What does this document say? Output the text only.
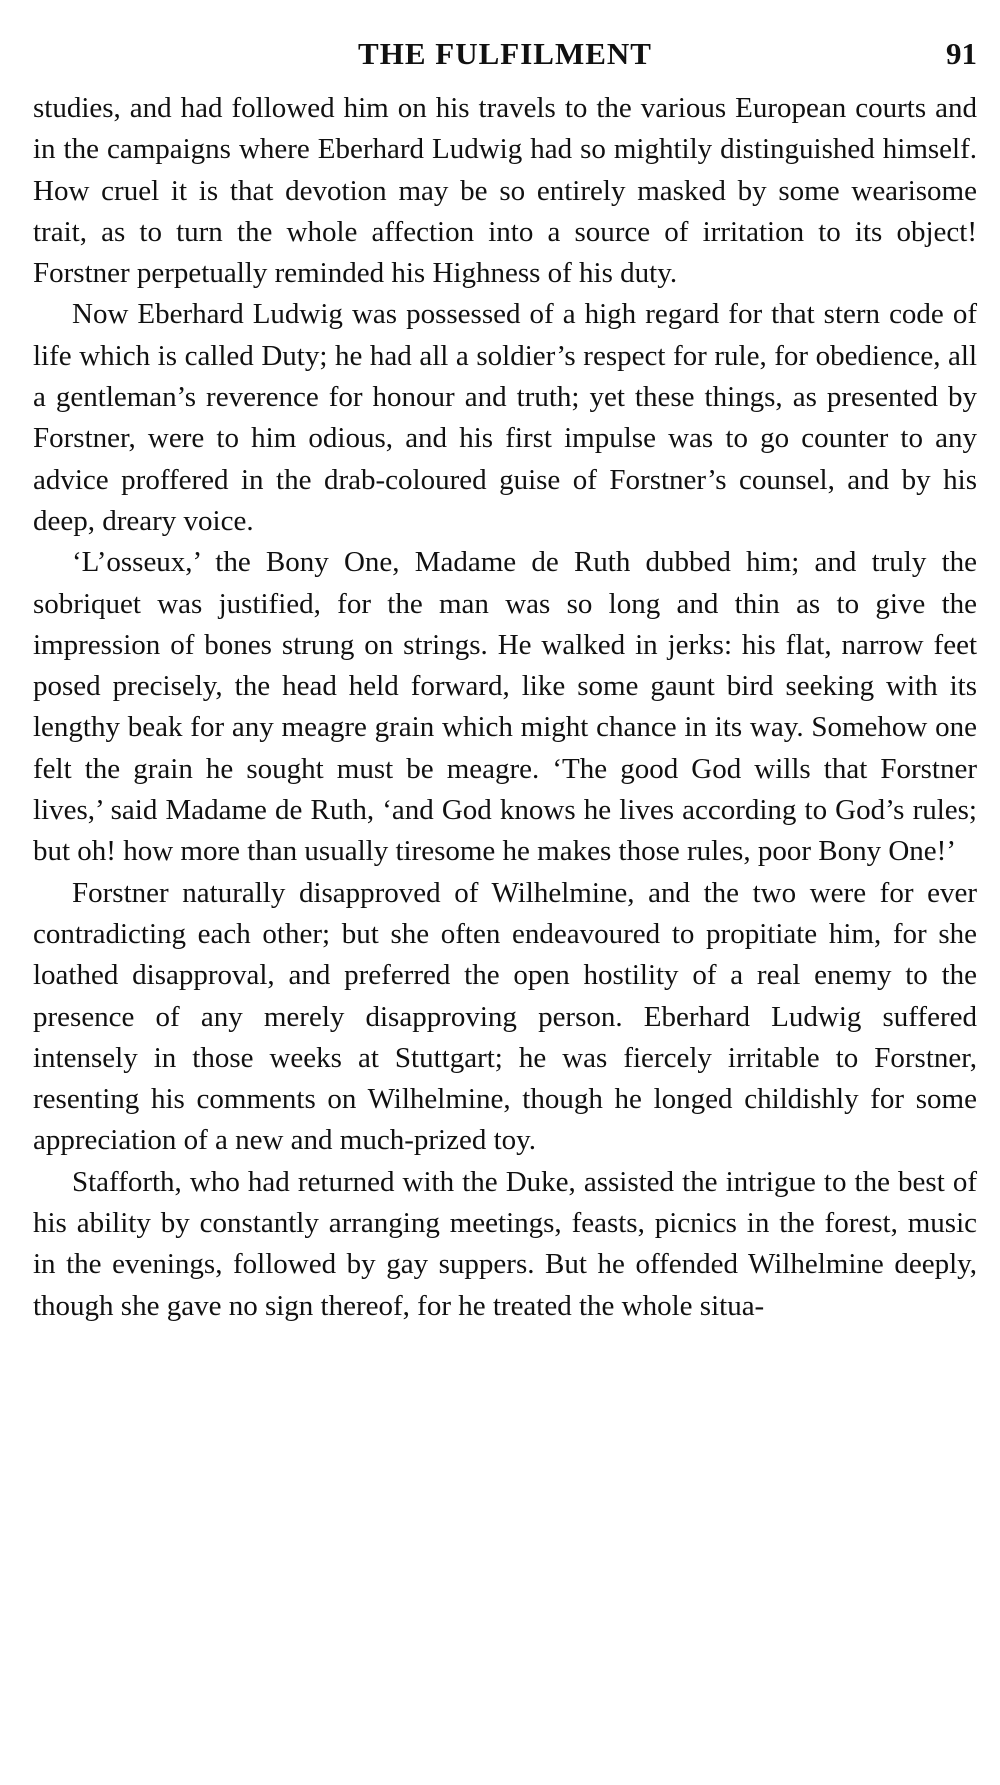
THE FULFILMENT	91

studies, and had followed him on his travels to the various European courts and in the campaigns where Eberhard Ludwig had so mightily distinguished himself. How cruel it is that devotion may be so entirely masked by some wearisome trait, as to turn the whole affection into a source of irritation to its object! Forstner perpetually reminded his Highness of his duty.

Now Eberhard Ludwig was possessed of a high regard for that stern code of life which is called Duty; he had all a soldier’s respect for rule, for obedience, all a gentleman’s reverence for honour and truth; yet these things, as presented by Forstner, were to him odious, and his first impulse was to go counter to any advice proffered in the drab-coloured guise of Forstner’s counsel, and by his deep, dreary voice.

‘L’osseux,’ the Bony One, Madame de Ruth dubbed him; and truly the sobriquet was justified, for the man was so long and thin as to give the impression of bones strung on strings. He walked in jerks: his flat, narrow feet posed precisely, the head held forward, like some gaunt bird seeking with its lengthy beak for any meagre grain which might chance in its way. Somehow one felt the grain he sought must be meagre. ‘The good God wills that Forstner lives,’ said Madame de Ruth, ‘and God knows he lives according to God’s rules; but oh! how more than usually tiresome he makes those rules, poor Bony One!’

Forstner naturally disapproved of Wilhelmine, and the two were for ever contradicting each other; but she often endeavoured to propitiate him, for she loathed disapproval, and preferred the open hostility of a real enemy to the presence of any merely disapproving person. Eberhard Ludwig suffered intensely in those weeks at Stuttgart; he was fiercely irritable to Forstner, resenting his comments on Wilhelmine, though he longed childishly for some appreciation of a new and much-prized toy.

Stafforth, who had returned with the Duke, assisted the intrigue to the best of his ability by constantly arranging meetings, feasts, picnics in the forest, music in the evenings, followed by gay suppers. But he offended Wilhelmine deeply, though she gave no sign thereof, for he treated the whole situa-
